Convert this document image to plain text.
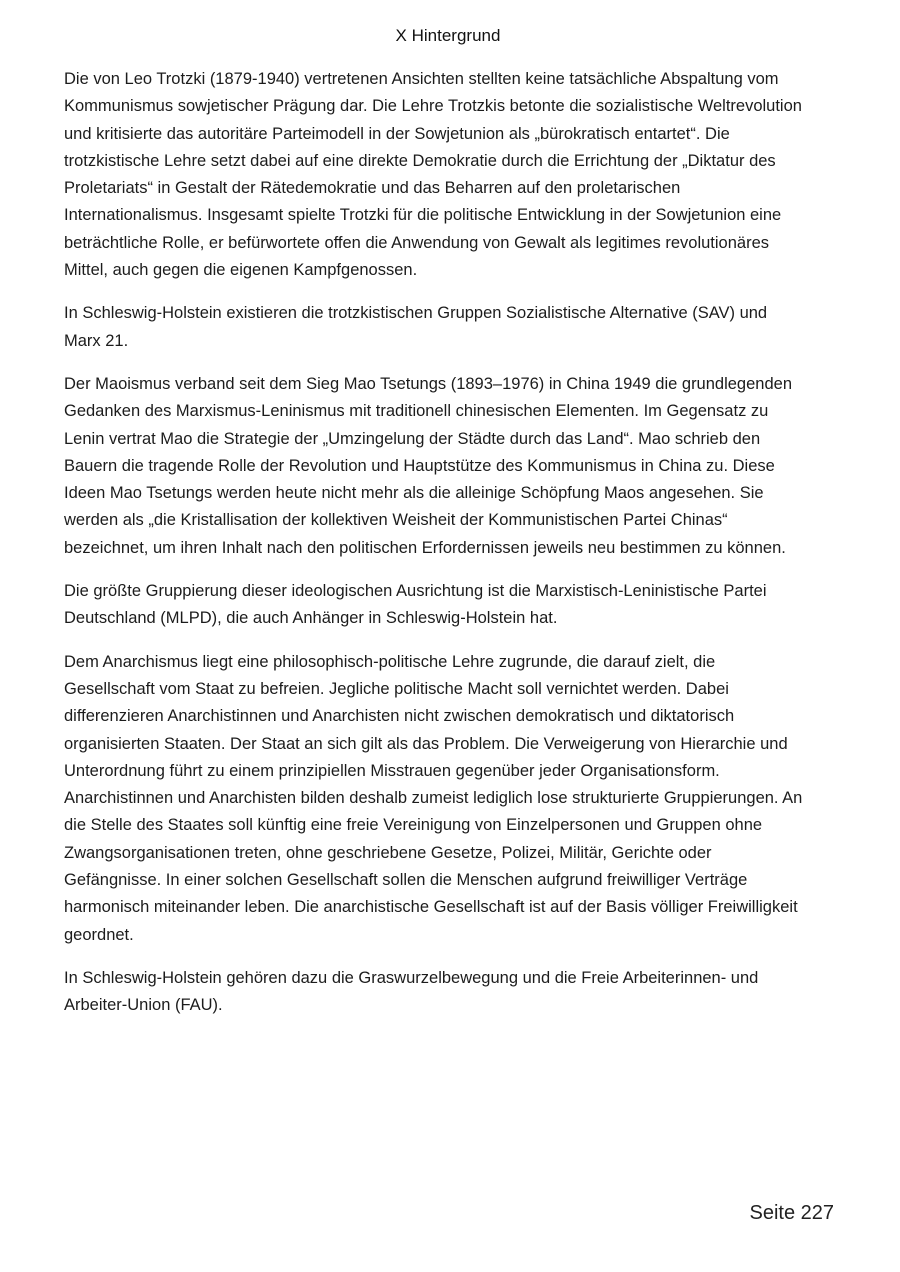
X Hintergrund

Die von Leo Trotzki (1879-1940) vertretenen Ansichten stellten keine tatsächliche Abspaltung vom Kommunismus sowjetischer Prägung dar. Die Lehre Trotzkis betonte die sozialistische Weltrevolution und kritisierte das autoritäre Parteimodell in der Sowjetunion als „bürokratisch entartet“. Die trotzkistische Lehre setzt dabei auf eine direkte Demokratie durch die Errichtung der „Diktatur des Proletariats“ in Gestalt der Rätedemokratie und das Beharren auf den proletarischen Internationalismus. Insgesamt spielte Trotzki für die politische Entwicklung in der Sowjetunion eine beträchtliche Rolle, er befürwortete offen die Anwendung von Gewalt als legitimes revolutionäres Mittel, auch gegen die eigenen Kampfgenossen.

In Schleswig-Holstein existieren die trotzkistischen Gruppen Sozialistische Alternative (SAV) und Marx 21.

Der Maoismus verband seit dem Sieg Mao Tsetungs (1893–1976) in China 1949 die grundlegenden Gedanken des Marxismus-Leninismus mit traditionell chinesischen Elementen. Im Gegensatz zu Lenin vertrat Mao die Strategie der „Umzingelung der Städte durch das Land“. Mao schrieb den Bauern die tragende Rolle der Revolution und Hauptstütze des Kommunismus in China zu. Diese Ideen Mao Tsetungs werden heute nicht mehr als die alleinige Schöpfung Maos angesehen. Sie werden als „die Kristallisation der kollektiven Weisheit der Kommunistischen Partei Chinas“ bezeichnet, um ihren Inhalt nach den politischen Erfordernissen jeweils neu bestimmen zu können.

Die größte Gruppierung dieser ideologischen Ausrichtung ist die Marxistisch-Leninistische Partei Deutschland (MLPD), die auch Anhänger in Schleswig-Holstein hat.

Dem Anarchismus liegt eine philosophisch-politische Lehre zugrunde, die darauf zielt, die Gesellschaft vom Staat zu befreien. Jegliche politische Macht soll vernichtet werden. Dabei differenzieren Anarchistinnen und Anarchisten nicht zwischen demokratisch und diktatorisch organisierten Staaten. Der Staat an sich gilt als das Problem. Die Verweigerung von Hierarchie und Unterordnung führt zu einem prinzipiellen Misstrauen gegenüber jeder Organisationsform. Anarchistinnen und Anarchisten bilden deshalb zumeist lediglich lose strukturierte Gruppierungen. An die Stelle des Staates soll künftig eine freie Vereinigung von Einzelpersonen und Gruppen ohne Zwangsorganisationen treten, ohne geschriebene Gesetze, Polizei, Militär, Gerichte oder Gefängnisse. In einer solchen Gesellschaft sollen die Menschen aufgrund freiwilliger Verträge harmonisch miteinander leben. Die anarchistische Gesellschaft ist auf der Basis völliger Freiwilligkeit geordnet.

In Schleswig-Holstein gehören dazu die Graswurzelbewegung und die Freie Arbeiterinnen- und Arbeiter-Union (FAU).

Seite 227
